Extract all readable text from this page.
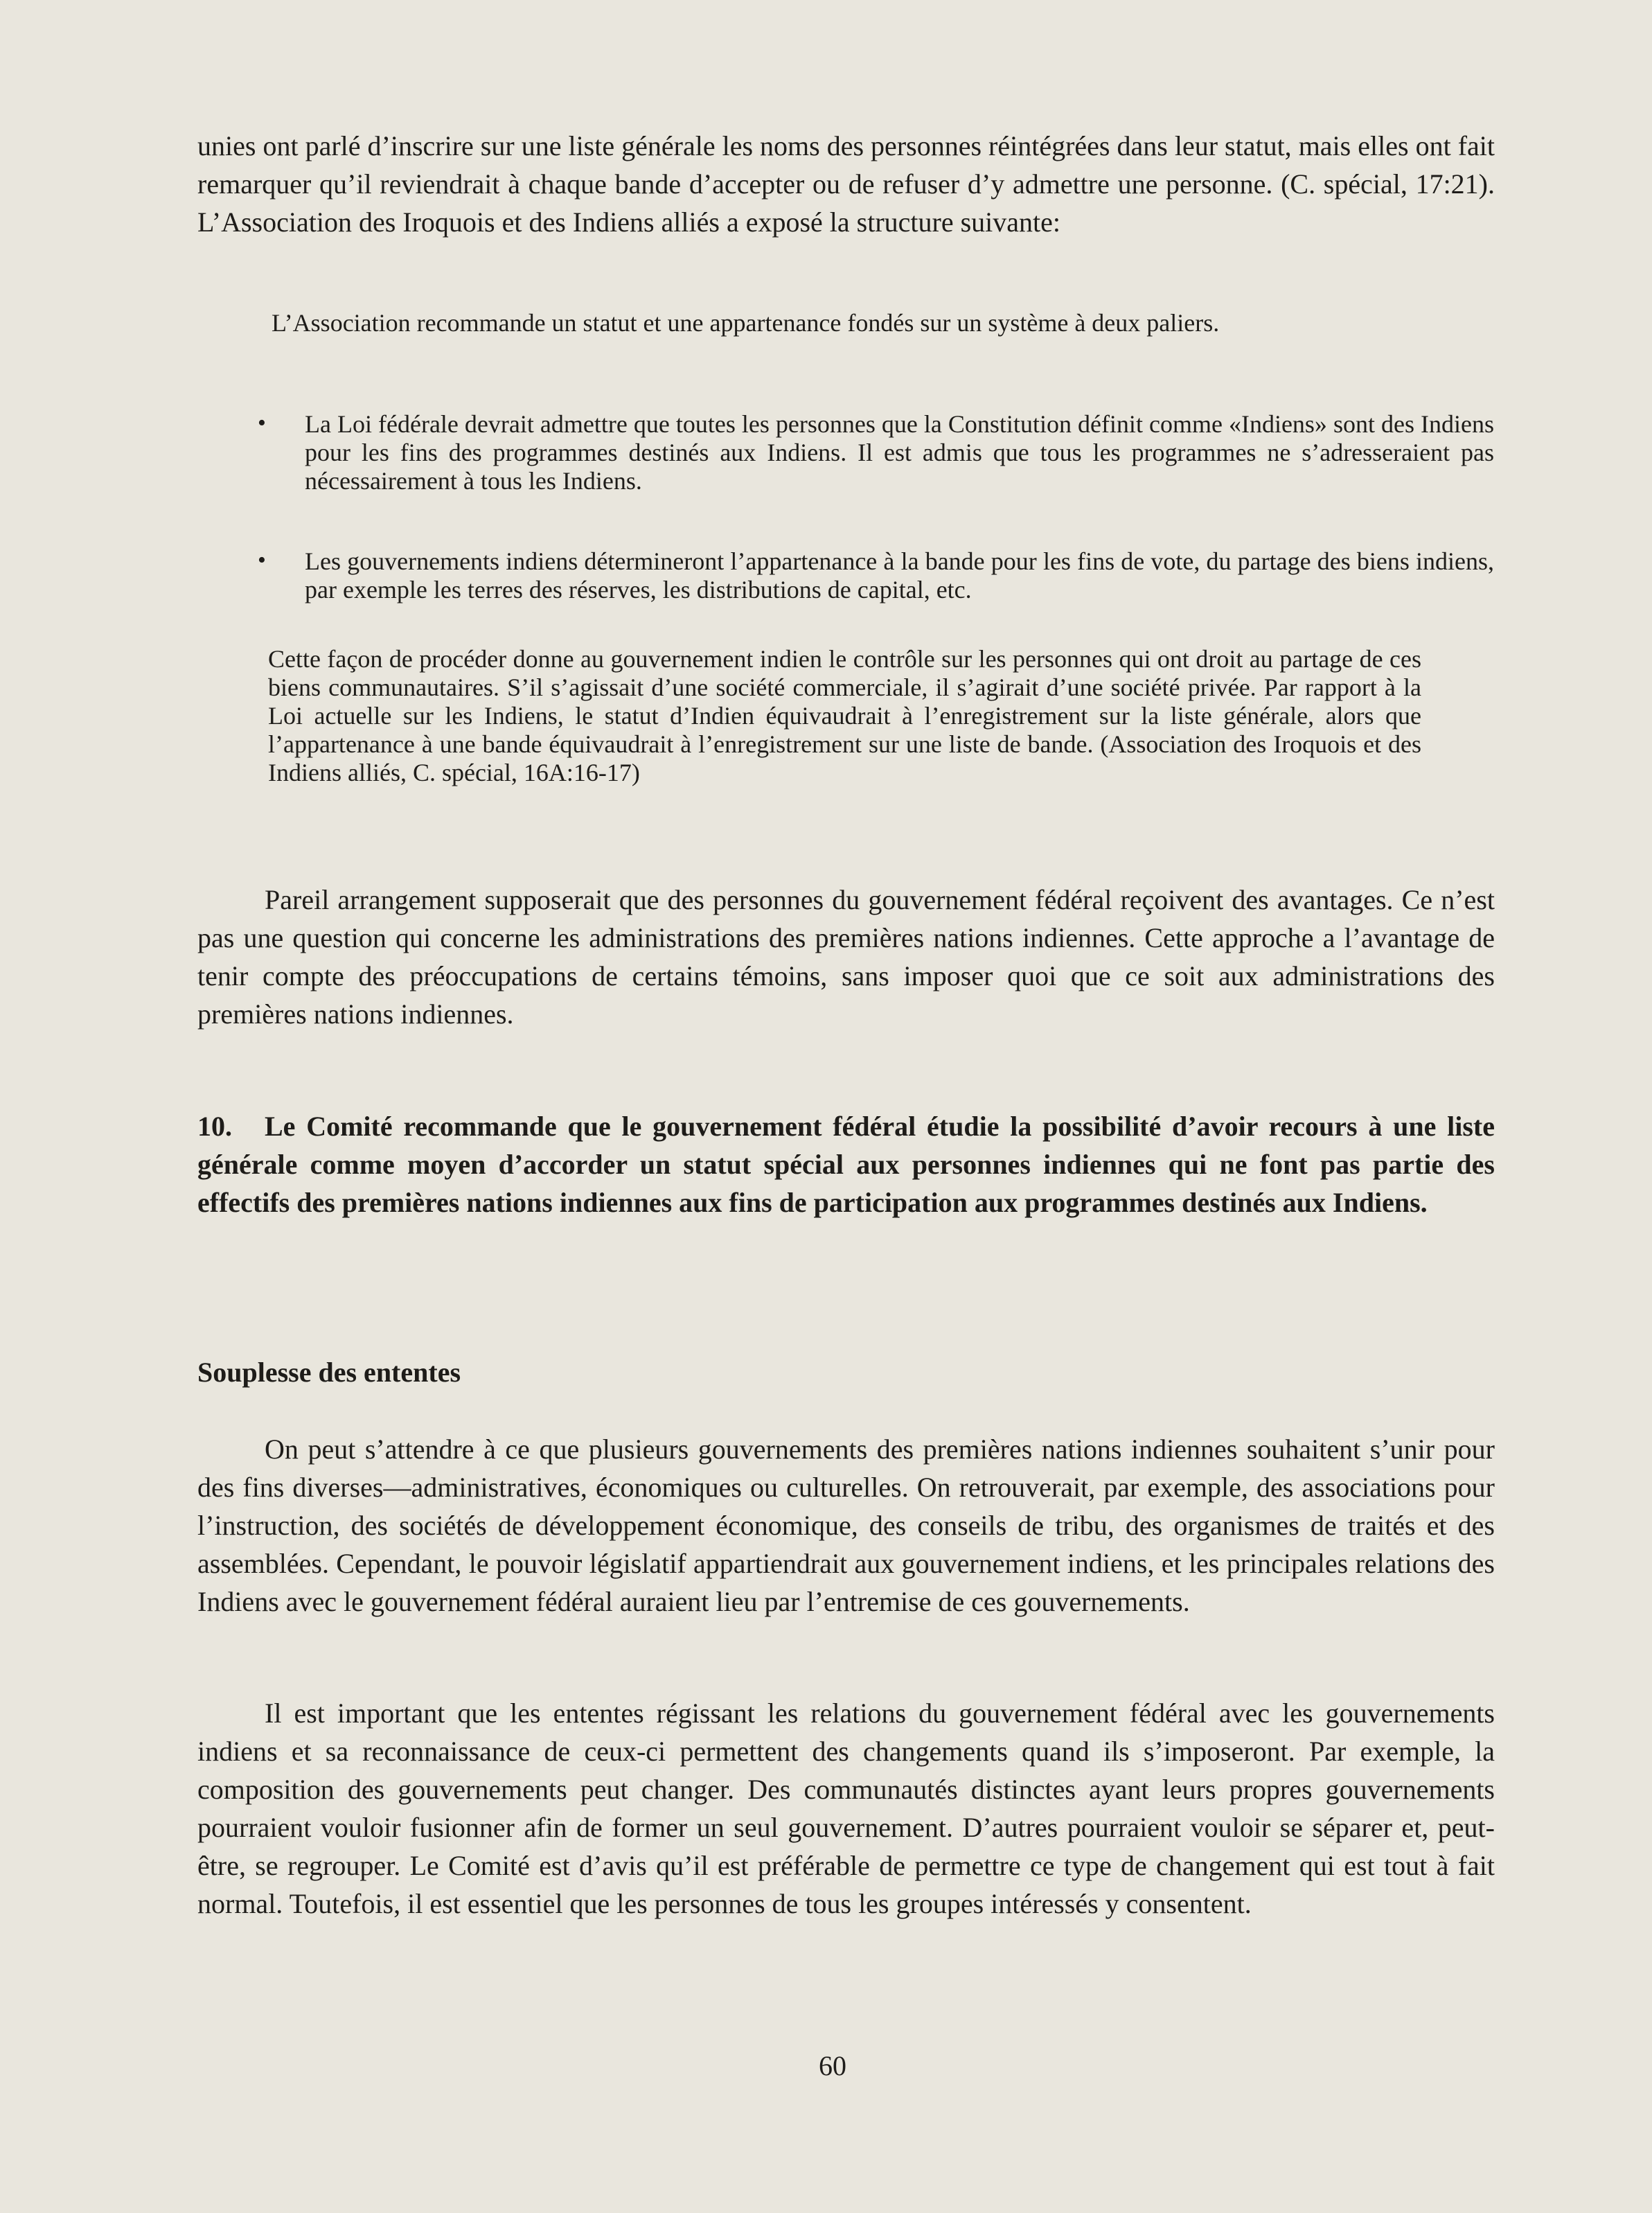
unies ont parlé d’inscrire sur une liste générale les noms des personnes réintégrées dans leur statut, mais elles ont fait remarquer qu’il reviendrait à chaque bande d’accepter ou de refuser d’y admettre une personne. (C. spécial, 17:21). L’Association des Iroquois et des Indiens alliés a exposé la structure suivante:

L’Association recommande un statut et une appartenance fondés sur un système à deux paliers.

• La Loi fédérale devrait admettre que toutes les personnes que la Constitution définit comme «Indiens» sont des Indiens pour les fins des programmes destinés aux Indiens. Il est admis que tous les programmes ne s’adresseraient pas nécessairement à tous les Indiens.

• Les gouvernements indiens détermineront l’appartenance à la bande pour les fins de vote, du partage des biens indiens, par exemple les terres des réserves, les distributions de capital, etc.

Cette façon de procéder donne au gouvernement indien le contrôle sur les personnes qui ont droit au partage de ces biens communautaires. S’il s’agissait d’une société commerciale, il s’agirait d’une société privée. Par rapport à la Loi actuelle sur les Indiens, le statut d’Indien équivaudrait à l’enregistrement sur la liste générale, alors que l’appartenance à une bande équivaudrait à l’enregistrement sur une liste de bande. (Association des Iroquois et des Indiens alliés, C. spécial, 16A:16-17)

Pareil arrangement supposerait que des personnes du gouvernement fédéral reçoivent des avantages. Ce n’est pas une question qui concerne les administrations des premières nations indiennes. Cette approche a l’avantage de tenir compte des préoccupations de certains témoins, sans imposer quoi que ce soit aux administrations des premières nations indiennes.

10.	Le Comité recommande que le gouvernement fédéral étudie la possibilité d’avoir recours à une liste générale comme moyen d’accorder un statut spécial aux personnes indiennes qui ne font pas partie des effectifs des premières nations indiennes aux fins de participation aux programmes destinés aux Indiens.

Souplesse des ententes

On peut s’attendre à ce que plusieurs gouvernements des premières nations indiennes souhaitent s’unir pour des fins diverses—administratives, économiques ou culturelles. On retrouverait, par exemple, des associations pour l’instruction, des sociétés de développement économique, des conseils de tribu, des organismes de traités et des assemblées. Cependant, le pouvoir législatif appartiendrait aux gouvernement indiens, et les principales relations des Indiens avec le gouvernement fédéral auraient lieu par l’entremise de ces gouvernements.

Il est important que les ententes régissant les relations du gouvernement fédéral avec les gouvernements indiens et sa reconnaissance de ceux-ci permettent des changements quand ils s’imposeront. Par exemple, la composition des gouvernements peut changer. Des communautés distinctes ayant leurs propres gouvernements pourraient vouloir fusionner afin de former un seul gouvernement. D’autres pourraient vouloir se séparer et, peut-être, se regrouper. Le Comité est d’avis qu’il est préférable de permettre ce type de changement qui est tout à fait normal. Toutefois, il est essentiel que les personnes de tous les groupes intéressés y consentent.

60
